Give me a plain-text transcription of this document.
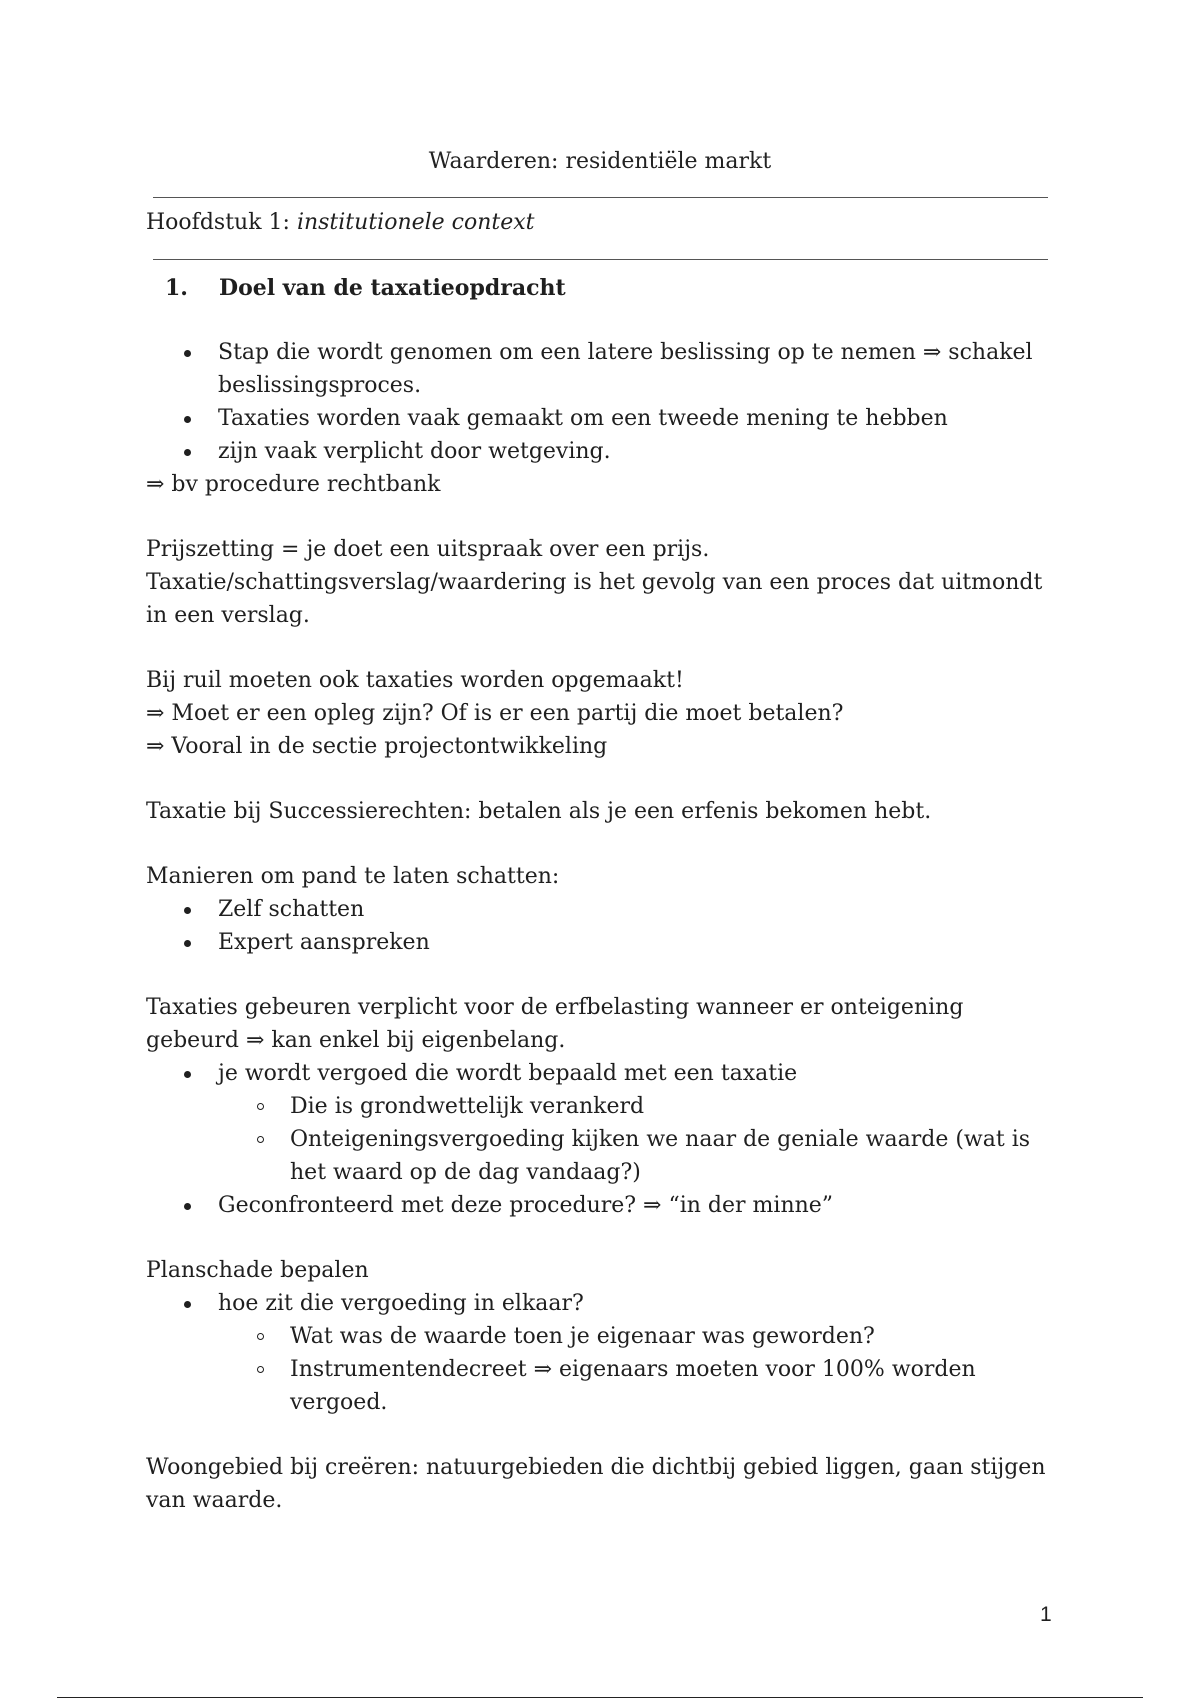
Waarderen: residentiële markt
Hoofdstuk 1: institutionele context
1. Doel van de taxatieopdracht
Stap die wordt genomen om een latere beslissing op te nemen ⇒ schakel beslissingsproces.
Taxaties worden vaak gemaakt om een tweede mening te hebben
zijn vaak verplicht door wetgeving.

⇒ bv procedure rechtbank

Prijszetting = je doet een uitspraak over een prijs.

Taxatie/schattingsverslag/waardering is het gevolg van een proces dat uitmondt in een verslag.

Bij ruil moeten ook taxaties worden opgemaakt!

⇒ Moet er een opleg zijn? Of is er een partij die moet betalen?

⇒ Vooral in de sectie projectontwikkeling

Taxatie bij Successierechten: betalen als je een erfenis bekomen hebt.

Manieren om pand te laten schatten:

Zelf schatten
Expert aanspreken

Taxaties gebeuren verplicht voor de erfbelasting wanneer er onteigening gebeurd ⇒ kan enkel bij eigenbelang.

je wordt vergoed die wordt bepaald met een taxatie
Die is grondwettelijk verankerd
Onteigeningsvergoeding kijken we naar de geniale waarde (wat is het waard op de dag vandaag?)
Geconfronteerd met deze procedure? ⇒ “in der minne”

Planschade bepalen

hoe zit die vergoeding in elkaar?
Wat was de waarde toen je eigenaar was geworden?
Instrumentendecreet ⇒ eigenaars moeten voor 100% worden vergoed.

Woongebied bij creëren: natuurgebieden die dichtbij gebied liggen, gaan stijgen van waarde.

1
